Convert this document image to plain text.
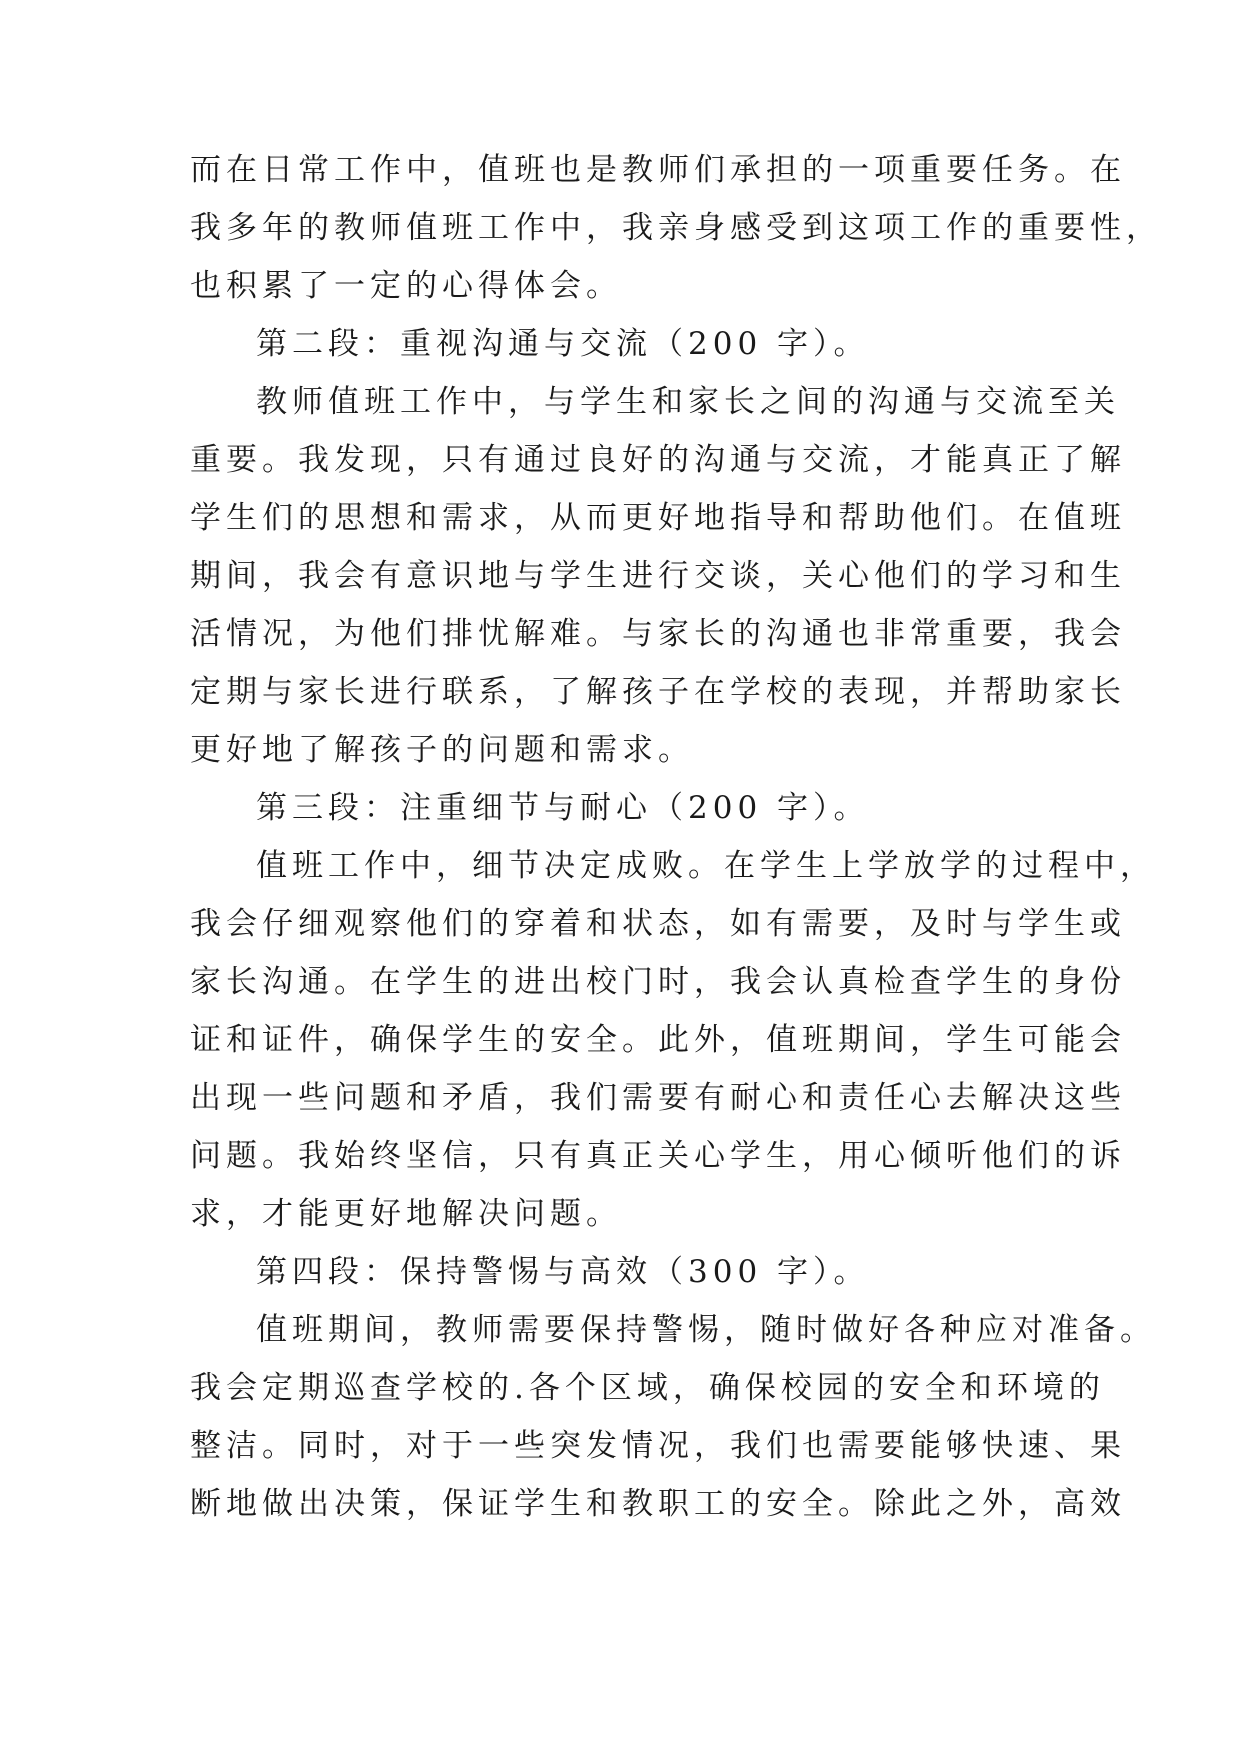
而在日常工作中，值班也是教师们承担的一项重要任务。在
我多年的教师值班工作中，我亲身感受到这项工作的重要性，
也积累了一定的心得体会。
第二段：重视沟通与交流（200 字）。
教师值班工作中，与学生和家长之间的沟通与交流至关
重要。我发现，只有通过良好的沟通与交流，才能真正了解
学生们的思想和需求，从而更好地指导和帮助他们。在值班
期间，我会有意识地与学生进行交谈，关心他们的学习和生
活情况，为他们排忧解难。与家长的沟通也非常重要，我会
定期与家长进行联系，了解孩子在学校的表现，并帮助家长
更好地了解孩子的问题和需求。
第三段：注重细节与耐心（200 字）。
值班工作中，细节决定成败。在学生上学放学的过程中，
我会仔细观察他们的穿着和状态，如有需要，及时与学生或
家长沟通。在学生的进出校门时，我会认真检查学生的身份
证和证件，确保学生的安全。此外，值班期间，学生可能会
出现一些问题和矛盾，我们需要有耐心和责任心去解决这些
问题。我始终坚信，只有真正关心学生，用心倾听他们的诉
求，才能更好地解决问题。
第四段：保持警惕与高效（300 字）。
值班期间，教师需要保持警惕，随时做好各种应对准备。
我会定期巡查学校的.各个区域，确保校园的安全和环境的
整洁。同时，对于一些突发情况，我们也需要能够快速、果
断地做出决策，保证学生和教职工的安全。除此之外，高效
